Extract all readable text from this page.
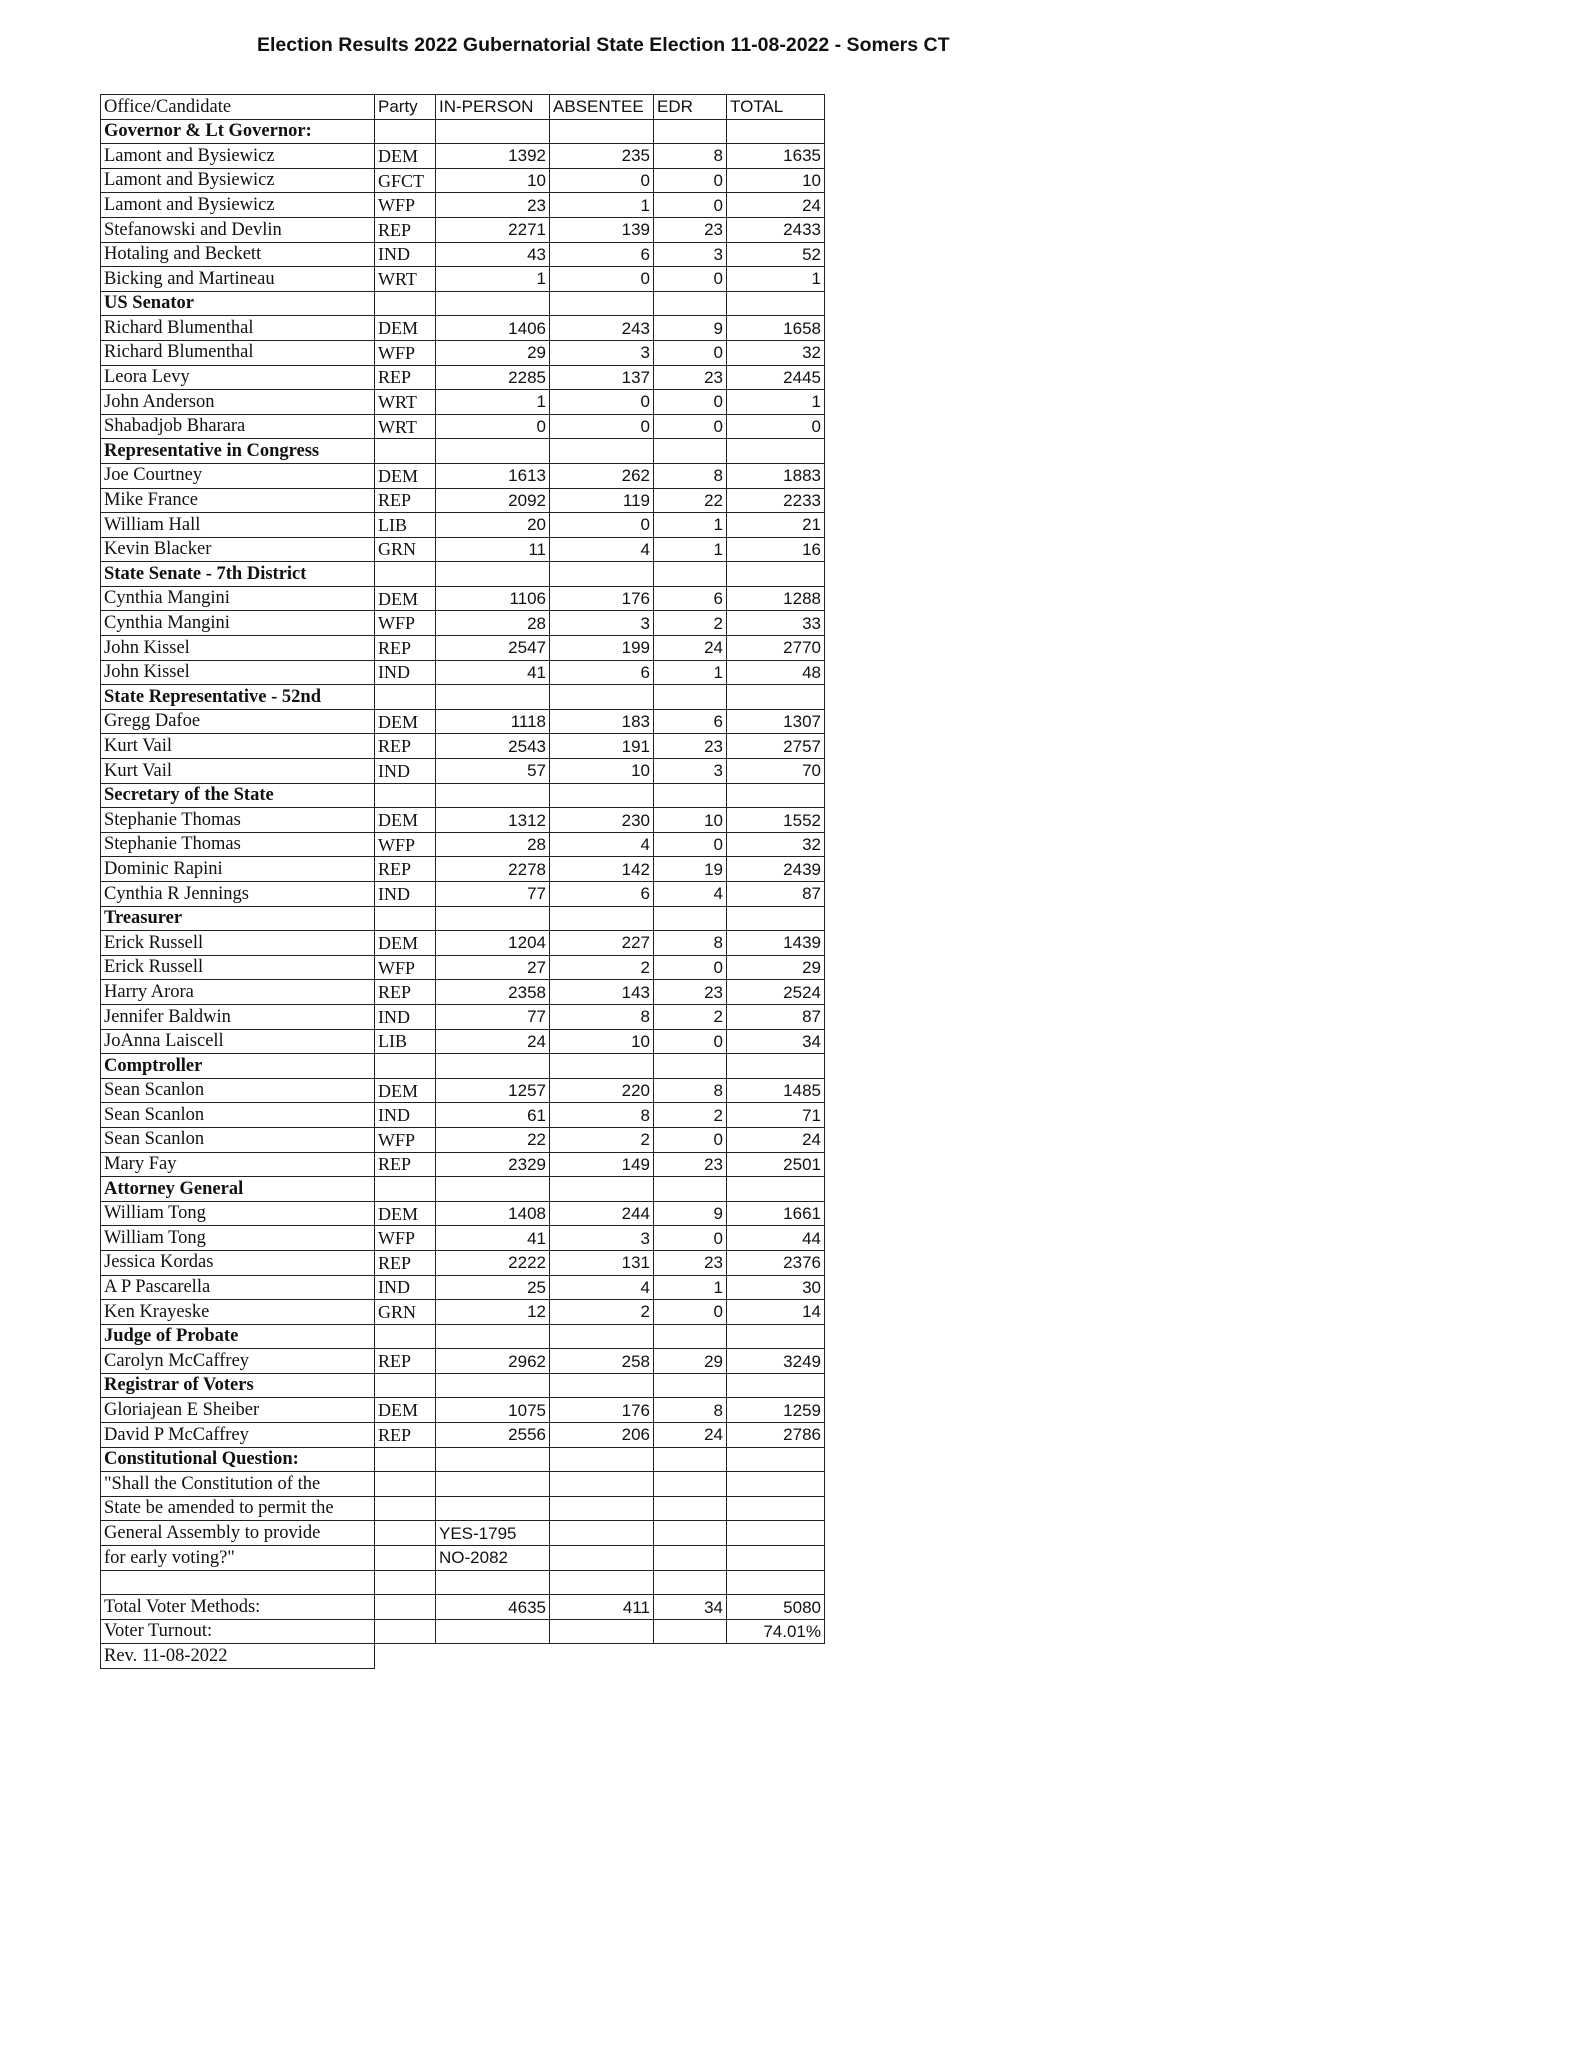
Election Results 2022 Gubernatorial State Election 11-08-2022 - Somers CT
Office/Candidate	Party	IN-PERSON	ABSENTEE	EDR	TOTAL
Governor & Lt Governor:					
Lamont and Bysiewicz	DEM	1392	235	8	1635
Lamont and Bysiewicz	GFCT	10	0	0	10
Lamont and Bysiewicz	WFP	23	1	0	24
Stefanowski and Devlin	REP	2271	139	23	2433
Hotaling and Beckett	IND	43	6	3	52
Bicking and Martineau	WRT	1	0	0	1
US Senator					
Richard Blumenthal	DEM	1406	243	9	1658
Richard Blumenthal	WFP	29	3	0	32
Leora Levy	REP	2285	137	23	2445
John Anderson	WRT	1	0	0	1
Shabadjob Bharara	WRT	0	0	0	0
Representative in Congress					
Joe Courtney	DEM	1613	262	8	1883
Mike France	REP	2092	119	22	2233
William Hall	LIB	20	0	1	21
Kevin Blacker	GRN	11	4	1	16
State Senate - 7th District					
Cynthia Mangini	DEM	1106	176	6	1288
Cynthia Mangini	WFP	28	3	2	33
John Kissel	REP	2547	199	24	2770
John Kissel	IND	41	6	1	48
State Representative - 52nd					
Gregg Dafoe	DEM	1118	183	6	1307
Kurt Vail	REP	2543	191	23	2757
Kurt Vail	IND	57	10	3	70
Secretary of the State					
Stephanie Thomas	DEM	1312	230	10	1552
Stephanie Thomas	WFP	28	4	0	32
Dominic Rapini	REP	2278	142	19	2439
Cynthia R Jennings	IND	77	6	4	87
Treasurer					
Erick Russell	DEM	1204	227	8	1439
Erick Russell	WFP	27	2	0	29
Harry Arora	REP	2358	143	23	2524
Jennifer Baldwin	IND	77	8	2	87
JoAnna Laiscell	LIB	24	10	0	34
Comptroller					
Sean Scanlon	DEM	1257	220	8	1485
Sean Scanlon	IND	61	8	2	71
Sean Scanlon	WFP	22	2	0	24
Mary Fay	REP	2329	149	23	2501
Attorney General					
William Tong	DEM	1408	244	9	1661
William Tong	WFP	41	3	0	44
Jessica Kordas	REP	2222	131	23	2376
A P Pascarella	IND	25	4	1	30
Ken Krayeske	GRN	12	2	0	14
Judge of Probate					
Carolyn McCaffrey	REP	2962	258	29	3249
Registrar of Voters					
Gloriajean E Sheiber	DEM	1075	176	8	1259
David P McCaffrey	REP	2556	206	24	2786
Constitutional Question:					
"Shall the Constitution of the					
State be amended to permit the					
General Assembly to provide		YES-1795			
for early voting?"		NO-2082			

Total Voter Methods:		4635	411	34	5080
Voter Turnout:					74.01%
Rev. 11-08-2022					
